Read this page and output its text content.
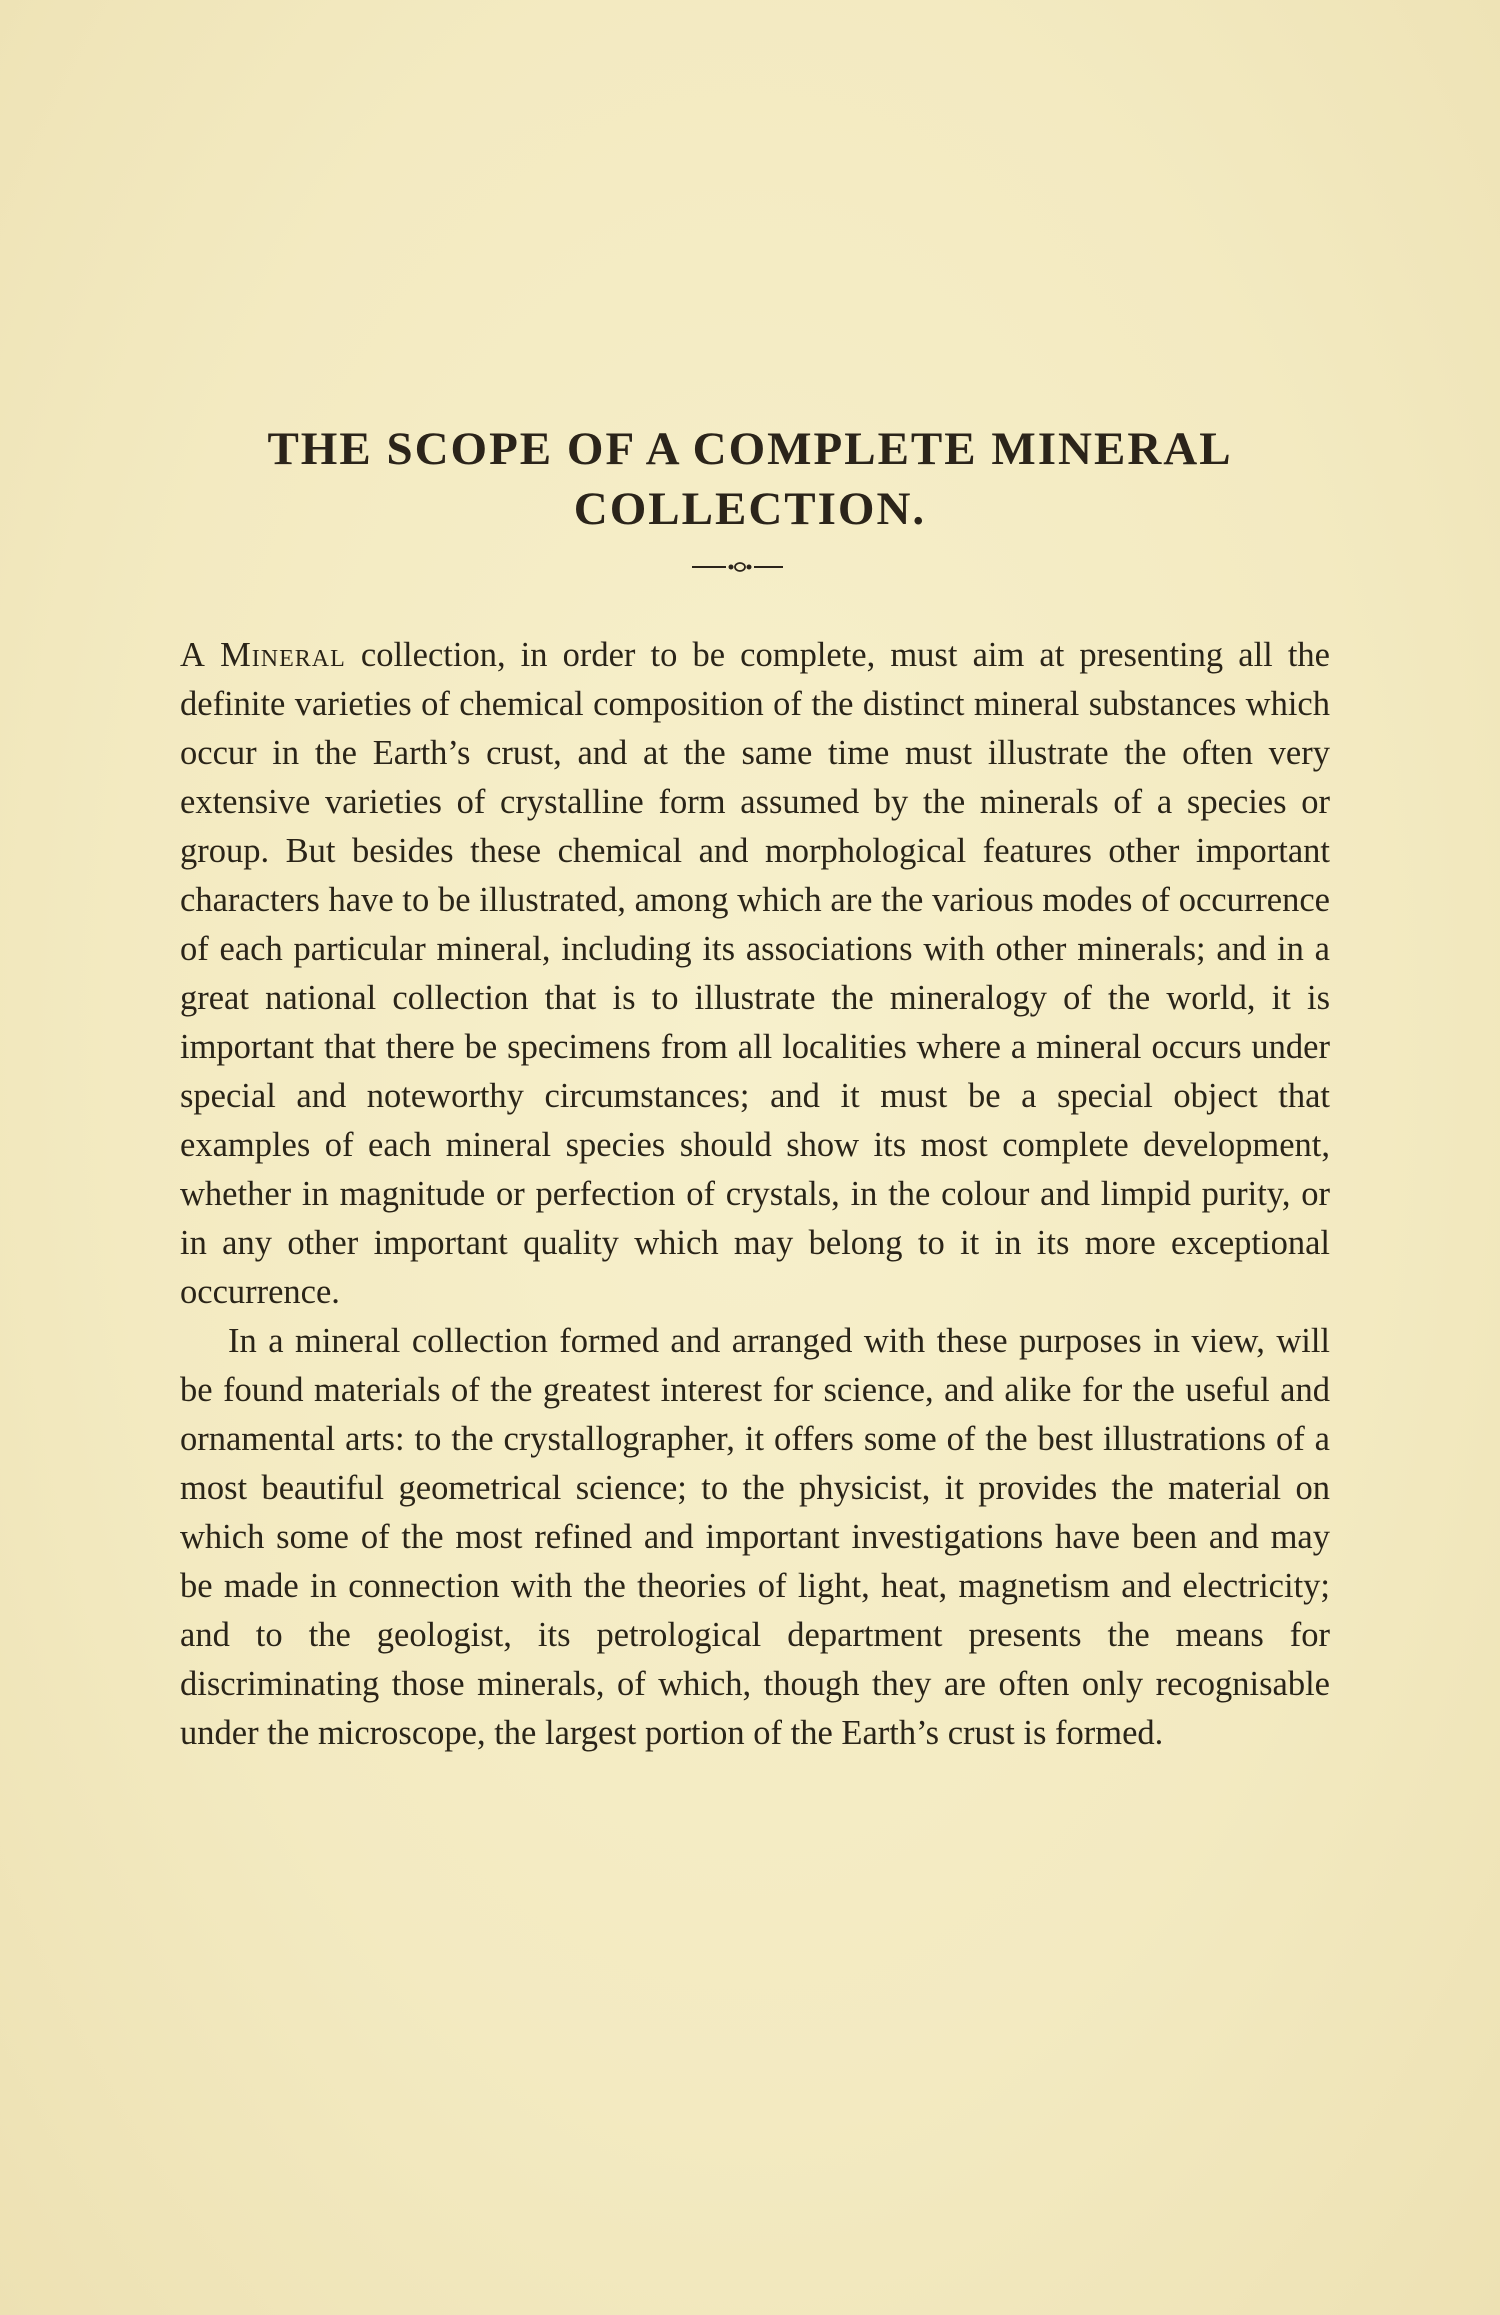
THE SCOPE OF A COMPLETE MINERAL
COLLECTION.

A Mineral collection, in order to be complete, must aim at presenting all the definite varieties of chemical composition of the distinct mineral substances which occur in the Earth’s crust, and at the same time must illustrate the often very extensive varieties of crystalline form assumed by the minerals of a species or group. But besides these chemical and morphological features other important characters have to be illustrated, among which are the various modes of occurrence of each particular mineral, including its associations with other minerals; and in a great national collection that is to illustrate the mineralogy of the world, it is important that there be specimens from all localities where a mineral occurs under special and noteworthy circumstances; and it must be a special object that examples of each mineral species should show its most complete development, whether in magnitude or perfection of crystals, in the colour and limpid purity, or in any other important quality which may belong to it in its more exceptional occurrence.

In a mineral collection formed and arranged with these purposes in view, will be found materials of the greatest interest for science, and alike for the useful and ornamental arts: to the crystallographer, it offers some of the best illustrations of a most beautiful geometrical science; to the physicist, it provides the material on which some of the most refined and important investigations have been and may be made in connection with the theories of light, heat, magnetism and electricity; and to the geologist, its petrological department presents the means for discriminating those minerals, of which, though they are often only recognisable under the microscope, the largest portion of the Earth’s crust is formed.
